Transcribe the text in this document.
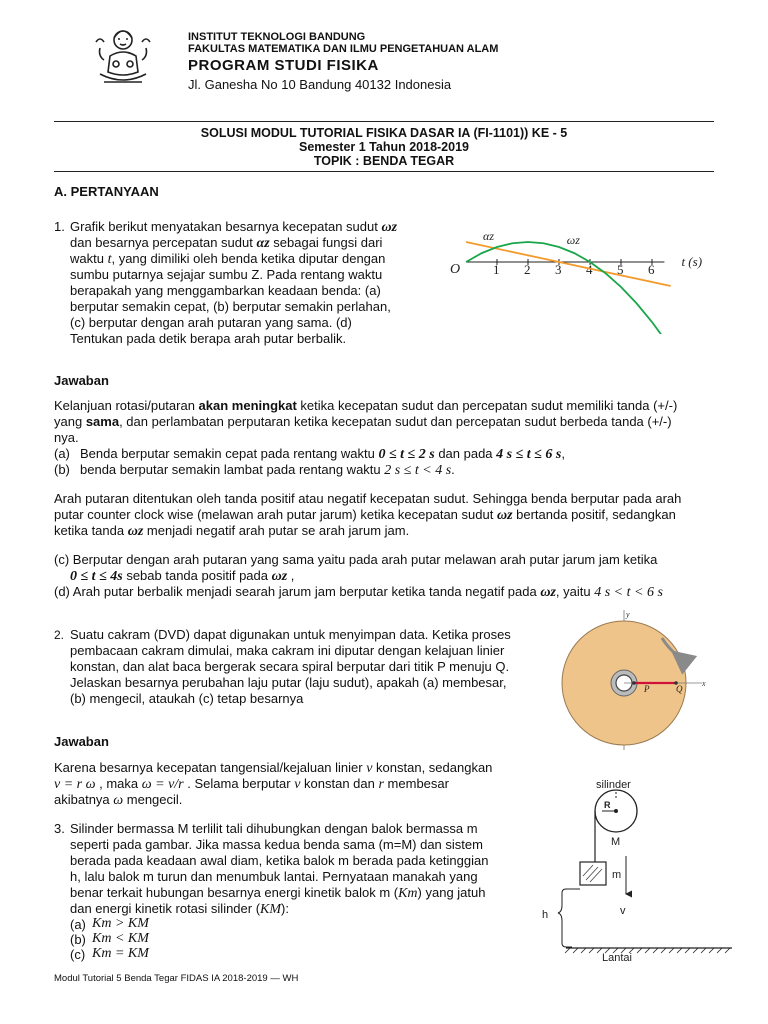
INSTITUT TEKNOLOGI BANDUNG
FAKULTAS MATEMATIKA DAN ILMU PENGETAHUAN ALAM
PROGRAM STUDI FISIKA
Jl. Ganesha No 10 Bandung 40132 Indonesia
SOLUSI MODUL TUTORIAL FISIKA DASAR IA (FI-1101)) KE - 5
Semester 1 Tahun 2018-2019
TOPIK : BENDA TEGAR
A. PERTANYAAN
1. Grafik berikut menyatakan besarnya kecepatan sudut ωz
dan besarnya percepatan sudut αz sebagai fungsi dari
waktu t, yang dimiliki oleh benda ketika diputar dengan
sumbu putarnya sejajar sumbu Z. Pada rentang waktu
berapakah yang menggambarkan keadaan benda: (a)
berputar semakin cepat, (b) berputar semakin perlahan,
(c) berputar dengan arah putaran yang sama. (d)
Tentukan pada detik berapa arah putar berbalik.
O	1 2 3 4 5 6
t (s)
αz	ωz
Jawaban
Kelanjuan rotasi/putaran akan meningkat ketika kecepatan sudut dan percepatan sudut memiliki tanda (+/-)
yang sama, dan perlambatan perputaran ketika kecepatan sudut dan percepatan sudut berbeda tanda (+/-)
nya.
(a) Benda berputar semakin cepat pada rentang waktu 0 ≤ t ≤ 2 s dan pada 4 s ≤ t ≤ 6 s,
(b) benda berputar semakin lambat pada rentang waktu 2 s ≤ t < 4 s.
Arah putaran ditentukan oleh tanda positif atau negatif kecepatan sudut. Sehingga benda berputar pada arah
putar counter clock wise (melawan arah putar jarum) ketika kecepatan sudut ωz bertanda positif, sedangkan
ketika tanda ωz menjadi negatif arah putar se arah jarum jam.
(c) Berputar dengan arah putaran yang sama yaitu pada arah putar melawan arah putar jarum jam ketika
0 ≤ t ≤ 4s sebab tanda positif pada ωz ,
(d) Arah putar berbalik menjadi searah jarum jam berputar ketika tanda negatif pada ωz, yaitu 4 s < t < 6 s
2. Suatu cakram (DVD) dapat digunakan untuk menyimpan data. Ketika proses
pembacaan cakram dimulai, maka cakram ini diputar dengan kelajuan linier
konstan, dan alat baca bergerak secara spiral berputar dari titik P menuju Q.
Jelaskan besarnya perubahan laju putar (laju sudut), apakah (a) membesar,
(b) mengecil, ataukah (c) tetap besarnya
y
x
P	Q
Jawaban
Karena besarnya kecepatan tangensial/kejaluan linier v konstan, sedangkan
v = r ω , maka ω = v/r . Selama berputar v konstan dan r membesar
akibatnya ω mengecil.
3. Silinder bermassa M terlilit tali dihubungkan dengan balok bermassa m
seperti pada gambar. Jika massa kedua benda sama (m=M) dan sistem
berada pada keadaan awal diam, ketika balok m berada pada ketinggian
h, lalu balok m turun dan menumbuk lantai. Pernyataan manakah yang
benar terkait hubungan besarnya energi kinetik balok m (Km) yang jatuh
dan energi kinetik rotasi silinder (KM):
(a) Km > KM
(b) Km < KM
(c) Km = KM
silinder
R
M
m
v
h
Lantai
Modul Tutorial 5 Benda Tegar FIDAS IA 2018-2019 — WH
